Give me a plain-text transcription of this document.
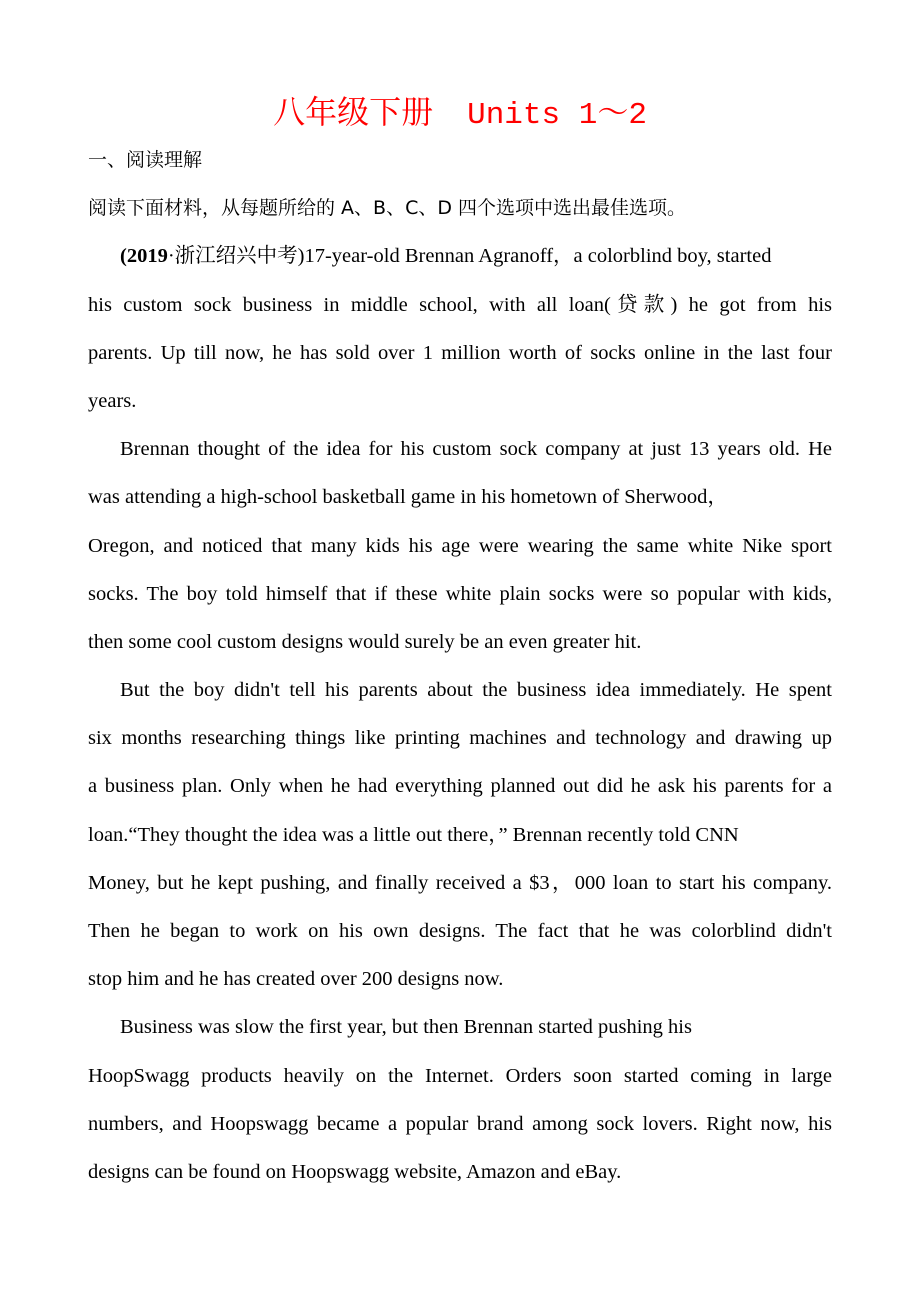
八年级下册 Units 1～2
一、阅读理解
阅读下面材料，从每题所给的 A、B、C、D 四个选项中选出最佳选项。
(2019·浙江绍兴中考)17-year-old Brennan Agranoff，a colorblind boy, started
his custom sock business in middle school, with all loan(贷款) he got from his
parents. Up till now, he has sold over 1 million worth of socks online in the last four
years.
Brennan thought of the idea for his custom sock company at just 13 years old. He
was attending a high-school basketball game in his hometown of Sherwood，
Oregon, and noticed that many kids his age were wearing the same white Nike sport
socks. The boy told himself that if these white plain socks were so popular with kids,
then some cool custom designs would surely be an even greater hit.
But the boy didn't tell his parents about the business idea immediately. He spent
six months researching things like printing machines and technology and drawing up
a business plan. Only when he had everything planned out did he ask his parents for a
loan.“They thought the idea was a little out there，” Brennan recently told CNN
Money, but he kept pushing, and finally received a $3，000 loan to start his company.
Then he began to work on his own designs. The fact that he was colorblind didn't
stop him and he has created over 200 designs now.
Business was slow the first year, but then Brennan started pushing his
HoopSwagg products heavily on the Internet. Orders soon started coming in large
numbers, and Hoopswagg became a popular brand among sock lovers. Right now, his
designs can be found on Hoopswagg website, Amazon and eBay.
